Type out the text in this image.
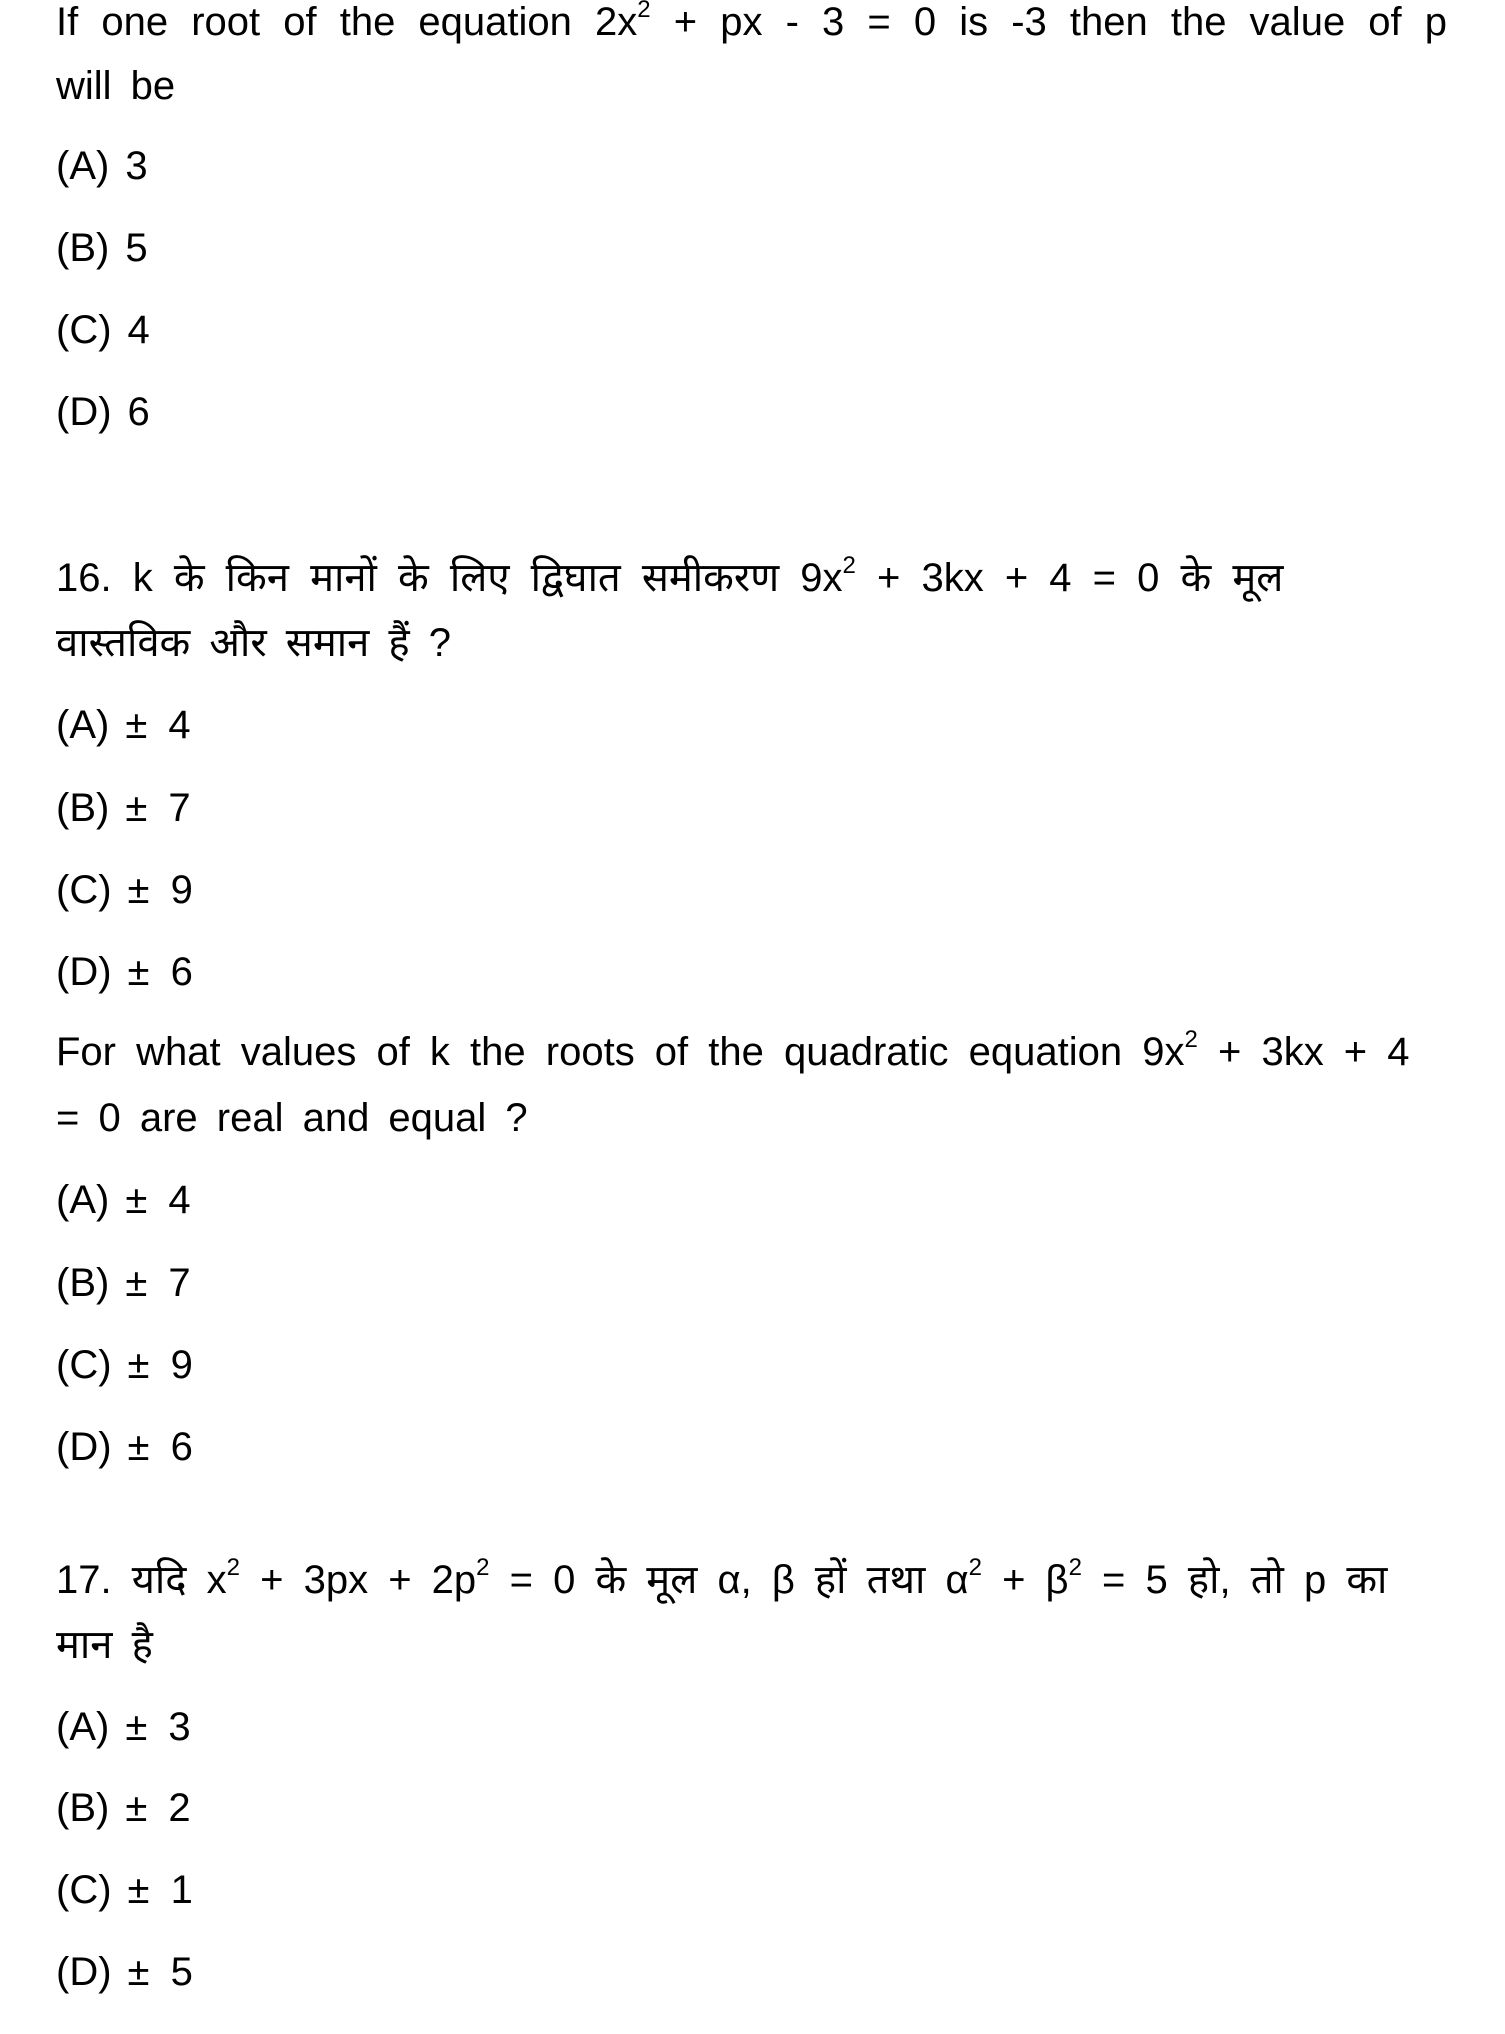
If one root of the equation $2x^2$ + px - 3 = 0 is -3 then the value of p
will be
(A) 3
(B) 5
(C) 4
(D) 6
16. k के किन मानों के लिए द्विघात समीकरण $9x^2 + 3kx + 4 = 0$ के मूल
वास्तविक और समान हैं ?
(A) ± 4
(B) ± 7
(C) ± 9
(D) ± 6
For what values of k the roots of the quadratic equation $9x^2 + 3kx + 4$
= 0 are real and equal ?
(A) ± 4
(B) ± 7
(C) ± 9
(D) ± 6
17. यदि $x^2 + 3px + 2p^2 = 0$ के मूल α, β हों तथा $\alpha^2 + \beta^2 = 5$ हो, तो p का
मान है
(A) ± 3
(B) ± 2
(C) ± 1
(D) ± 5
